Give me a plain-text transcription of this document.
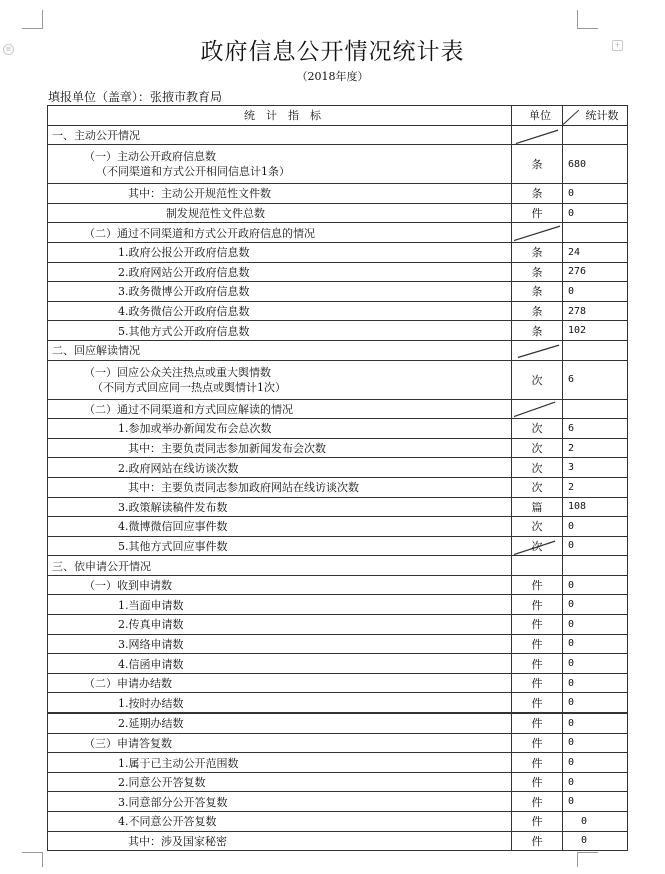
≡	+
政府信息公开情况统计表
（2018年度）
填报单位（盖章）：张掖市教育局
统　计　指　标	单位	统计数
一、主动公开情况	

（一）主动公开政府信息数
（不同渠道和方式公开相同信息计1条）	条	680
其中：主动公开规范性文件数	条	0
制发规范性文件总数	件	0
（二）通过不同渠道和方式公开政府信息的情况	

1.政府公报公开政府信息数	条	24
2.政府网站公开政府信息数	条	276
3.政务微博公开政府信息数	条	0
4.政务微信公开政府信息数	条	278
5.其他方式公开政府信息数	条	102
二、回应解读情况	

（一）回应公众关注热点或重大舆情数
（不同方式回应同一热点或舆情计1次）	次	6
（二）通过不同渠道和方式回应解读的情况	

1.参加或举办新闻发布会总次数	次	6
其中：主要负责同志参加新闻发布会次数	次	2
2.政府网站在线访谈次数	次	3
其中：主要负责同志参加政府网站在线访谈次数	次	2
3.政策解读稿件发布数	篇	108
4.微博微信回应事件数	次	0
5.其他方式回应事件数	次	0
三、依申请公开情况		
（一）收到申请数	件	0
1.当面申请数	件	0
2.传真申请数	件	0
3.网络申请数	件	0
4.信函申请数	件	0
（二）申请办结数	件	0
1.按时办结数	件	0
2.延期办结数	件	0
（三）申请答复数	件	0
1.属于已主动公开范围数	件	0
2.同意公开答复数	件	0
3.同意部分公开答复数	件	0
4.不同意公开答复数	件	0
其中：涉及国家秘密	件	0
